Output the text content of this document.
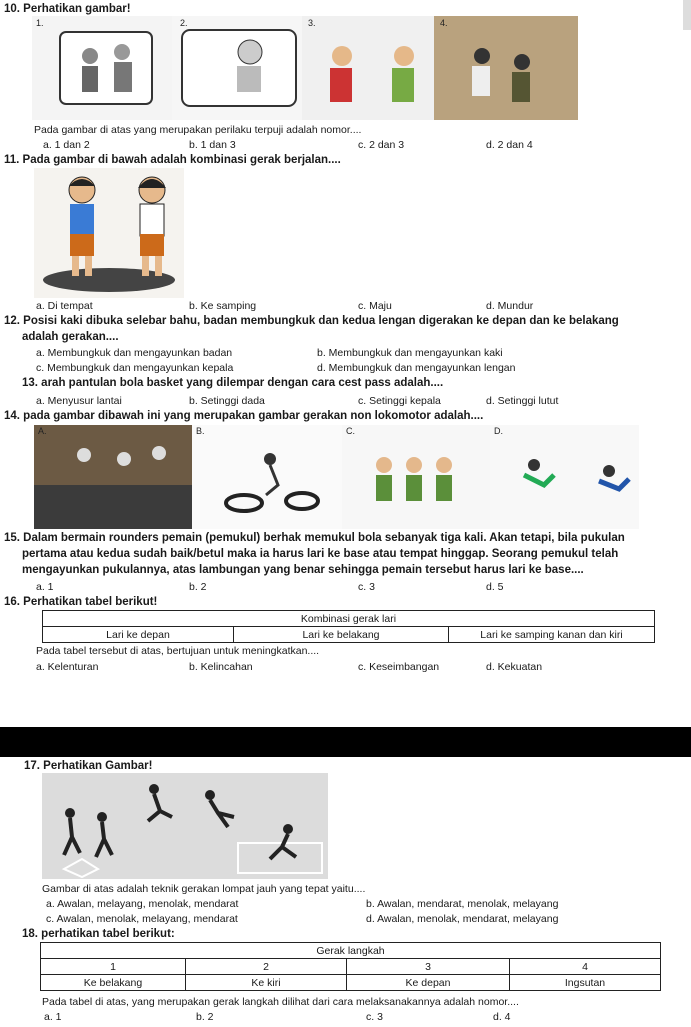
10. Perhatikan gambar!
1.	2.	3.	4.
Pada gambar di atas yang merupakan perilaku terpuji adalah nomor....
a. 1 dan 2	b. 1 dan 3	c. 2 dan 3	d. 2 dan 4
11. Pada gambar di bawah adalah kombinasi gerak berjalan....
a. Di tempat	b. Ke samping	c. Maju	d. Mundur
12. Posisi kaki dibuka selebar bahu, badan membungkuk dan kedua lengan digerakan ke depan dan ke belakang
adalah gerakan....
a. Membungkuk dan mengayunkan badan	b. Membungkuk dan mengayunkan kaki
c. Membungkuk dan mengayunkan kepala	d. Membungkuk dan mengayunkan lengan
13. arah pantulan bola basket yang dilempar dengan cara cest pass adalah....
a. Menyusur lantai	b. Setinggi dada	c. Setinggi kepala	d. Setinggi lutut
14. pada gambar dibawah ini yang merupakan gambar gerakan non lokomotor adalah....
A.	B.	C.	D.
15. Dalam bermain rounders pemain (pemukul) berhak memukul bola sebanyak tiga kali. Akan tetapi, bila pukulan
pertama atau kedua sudah baik/betul maka ia harus lari ke base atau tempat hinggap. Seorang pemukul telah
mengayunkan pukulannya, atas lambungan yang benar sehingga pemain tersebut harus lari ke base....
a. 1	b. 2	c. 3	d. 5
16. Perhatikan tabel berikut!
Kombinasi gerak lari
Lari ke depan	Lari ke belakang	Lari ke samping kanan dan kiri
Pada tabel tersebut di atas, bertujuan untuk meningkatkan....
a. Kelenturan	b. Kelincahan	c. Keseimbangan	d. Kekuatan
11.50
17. Perhatikan Gambar!
Gambar di atas adalah teknik gerakan lompat jauh yang tepat yaitu....
a. Awalan, melayang, menolak, mendarat	b. Awalan, mendarat, menolak, melayang
c. Awalan, menolak, melayang, mendarat	d. Awalan, menolak, mendarat, melayang
18. perhatikan tabel berikut:
Gerak langkah			
1	2	3	4
Ke belakang	Ke kiri	Ke depan	Ingsutan
Pada tabel di atas, yang merupakan gerak langkah dilihat dari cara melaksanakannya adalah nomor....
a. 1	b. 2	c. 3	d. 4
